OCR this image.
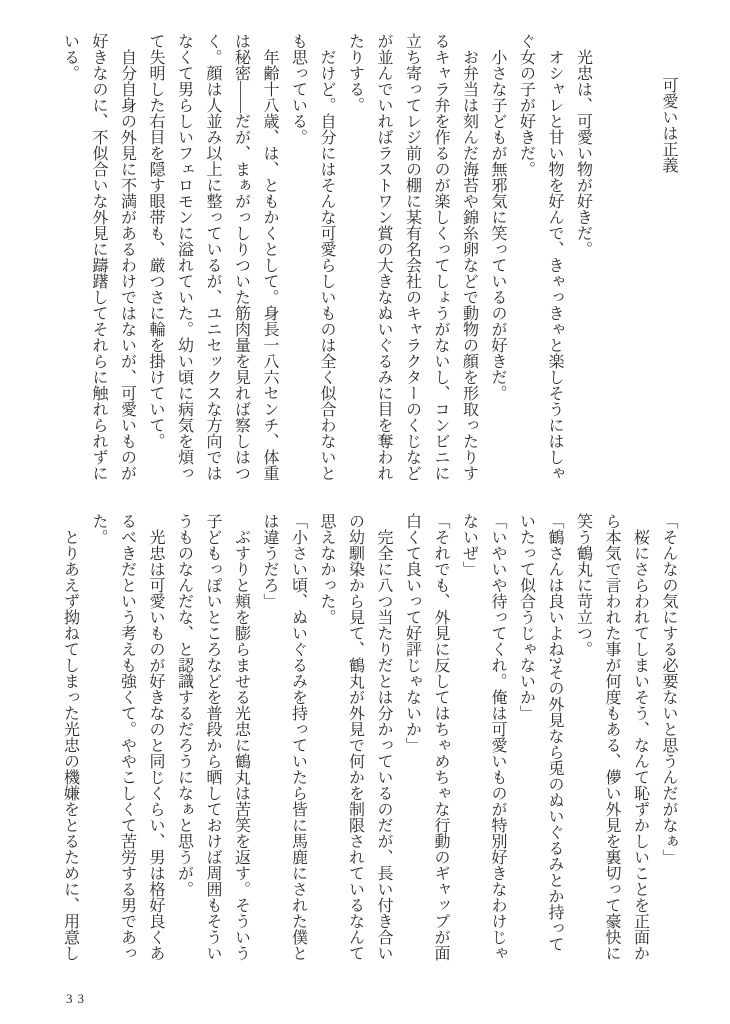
可愛いは正義
光忠は、可愛い物が好きだ。
オシャレと甘い物を好んで、きゃっきゃと楽しそうにはしゃ
ぐ女の子が好きだ。
小さな子どもが無邪気に笑っているのが好きだ。
お弁当は刻んだ海苔や錦糸卵などで動物の顔を形取ったりす
るキャラ弁を作るのが楽しくってしょうがないし、コンビニに
立ち寄ってレジ前の棚に某有名会社のキャラクターのくじなど
が並んでいればラストワン賞の大きなぬいぐるみに目を奪われ
たりする。
だけど。自分にはそんな可愛らしいものは全く似合わないと
も思っている。
年齢十八歳、は、ともかくとして。身長一八六センチ、体重
は秘密――だが、まぁがっしりついた筋肉量を見れば察しはつ
く。顔は人並み以上に整っているが、ユニセックスな方向では
なくて男らしいフェロモンに溢れていた。幼い頃に病気を煩っ
て失明した右目を隠す眼帯も、厳つさに輪を掛けていて。
自分自身の外見に不満があるわけではないが、可愛いものが
好きなのに、不似合いな外見に躊躇してそれらに触れられずに
いる。
「そんなの気にする必要ないと思うんだがなぁ」
桜にさらわれてしまいそう、なんて恥ずかしいことを正面か
ら本気で言われた事が何度もある、儚い外見を裏切って豪快に
笑う鶴丸に苛立つ。
「鶴さんは良いよね?その外見なら兎のぬいぐるみとか持って
いたって似合うじゃないか」
「いやいや待ってくれ。俺は可愛いものが特別好きなわけじゃ
ないぜ」
「それでも、外見に反してはちゃめちゃな行動のギャップが面
白くて良いって好評じゃないか」
完全に八つ当たりだとは分かっているのだが、長い付き合い
の幼馴染から見て、鶴丸が外見で何かを制限されているなんて
思えなかった。
「小さい頃、ぬいぐるみを持っていたら皆に馬鹿にされた僕と
は違うだろ」
ぶすりと頬を膨らませる光忠に鶴丸は苦笑を返す。そういう
子どもっぽいところなどを普段から晒しておけば周囲もそうい
うものなんだな、と認識するだろうになぁと思うが。
光忠は可愛いものが好きなのと同じくらい、男は格好良くあ
るべきだという考えも強くて。ややこしくて苦労する男であっ
た。
とりあえず拗ねてしまった光忠の機嫌をとるために、用意し
33
